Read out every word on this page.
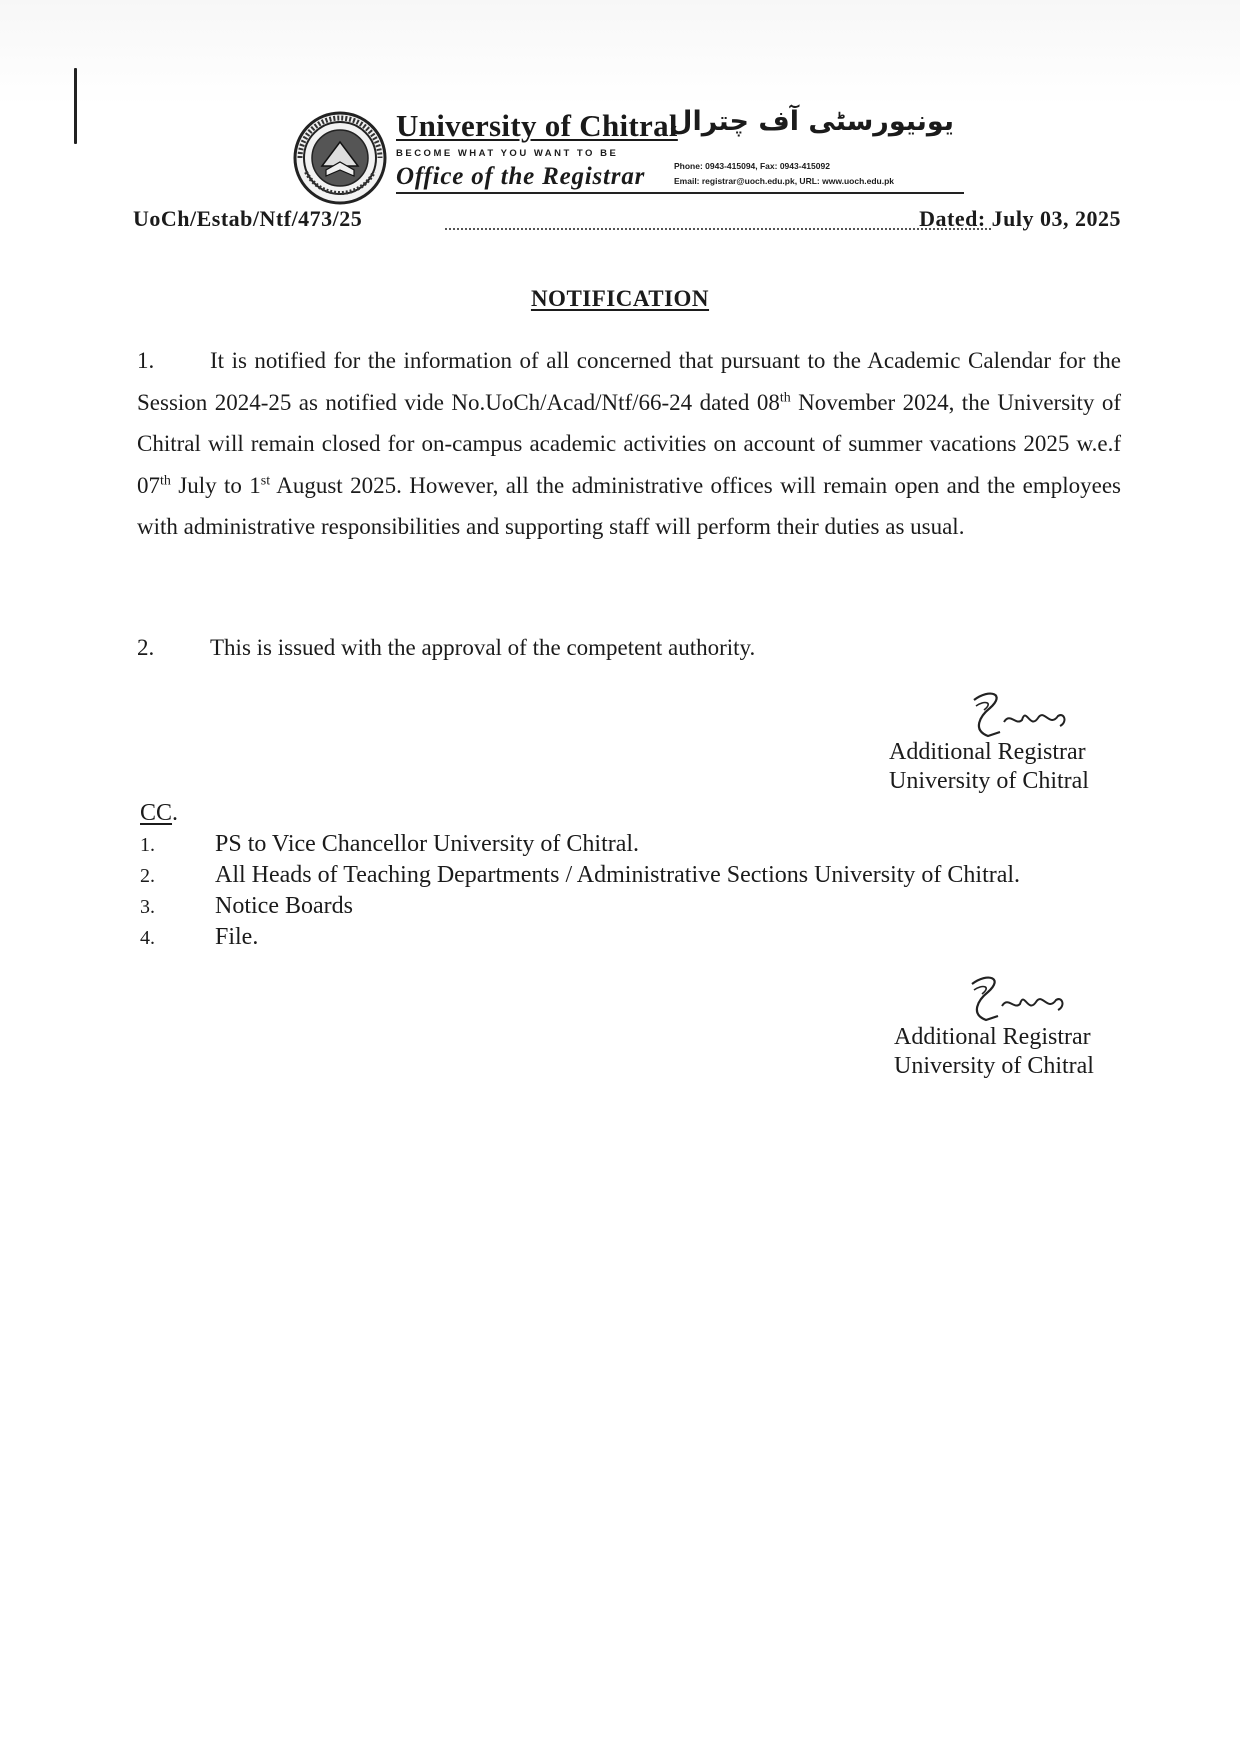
University of Chitral
یونیورسٹی آف چترال
BECOME WHAT YOU WANT TO BE
Office of the Registrar	Phone: 0943-415094, Fax: 0943-415092
Email: registrar@uoch.edu.pk, URL: www.uoch.edu.pk
UoCh/Estab/Ntf/473/25	Dated: July 03, 2025
NOTIFICATION
1. It is notified for the information of all concerned that pursuant to the Academic Calendar for the Session 2024-25 as notified vide No.UoCh/Acad/Ntf/66-24 dated 08th November 2024, the University of Chitral will remain closed for on-campus academic activities on account of summer vacations 2025 w.e.f 07th July to 1st August 2025. However, all the administrative offices will remain open and the employees with administrative responsibilities and supporting staff will perform their duties as usual.
2. This is issued with the approval of the competent authority.
Additional Registrar
University of Chitral
CC.
1.	PS to Vice Chancellor University of Chitral.
2.	All Heads of Teaching Departments / Administrative Sections University of Chitral.
3.	Notice Boards
4.	File.
Additional Registrar
University of Chitral
